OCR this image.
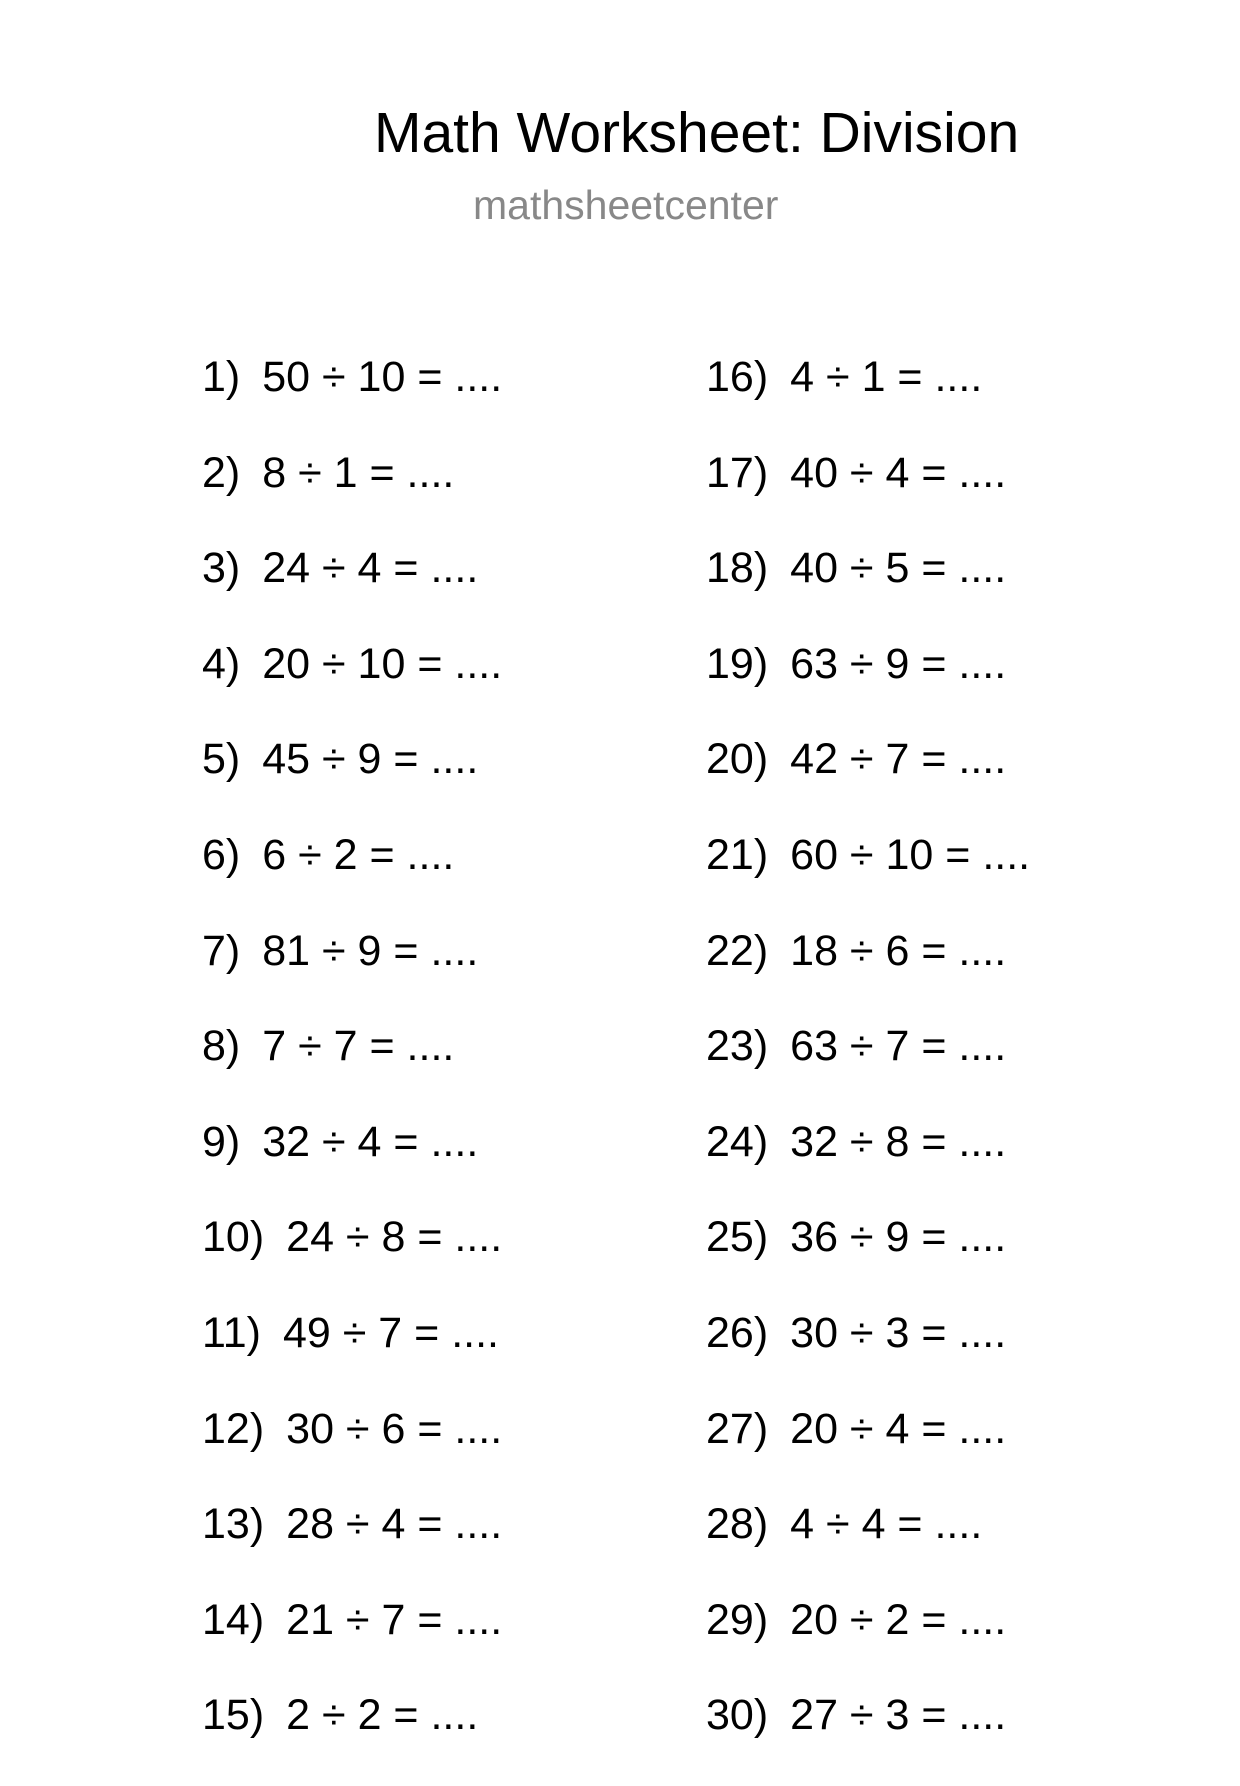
Math Worksheet: Division
mathsheetcenter
1) 50 ÷ 10 = ....
2) 8 ÷ 1 = ....
3) 24 ÷ 4 = ....
4) 20 ÷ 10 = ....
5) 45 ÷ 9 = ....
6) 6 ÷ 2 = ....
7) 81 ÷ 9 = ....
8) 7 ÷ 7 = ....
9) 32 ÷ 4 = ....
10) 24 ÷ 8 = ....
11) 49 ÷ 7 = ....
12) 30 ÷ 6 = ....
13) 28 ÷ 4 = ....
14) 21 ÷ 7 = ....
15) 2 ÷ 2 = ....
16) 4 ÷ 1 = ....
17) 40 ÷ 4 = ....
18) 40 ÷ 5 = ....
19) 63 ÷ 9 = ....
20) 42 ÷ 7 = ....
21) 60 ÷ 10 = ....
22) 18 ÷ 6 = ....
23) 63 ÷ 7 = ....
24) 32 ÷ 8 = ....
25) 36 ÷ 9 = ....
26) 30 ÷ 3 = ....
27) 20 ÷ 4 = ....
28) 4 ÷ 4 = ....
29) 20 ÷ 2 = ....
30) 27 ÷ 3 = ....
